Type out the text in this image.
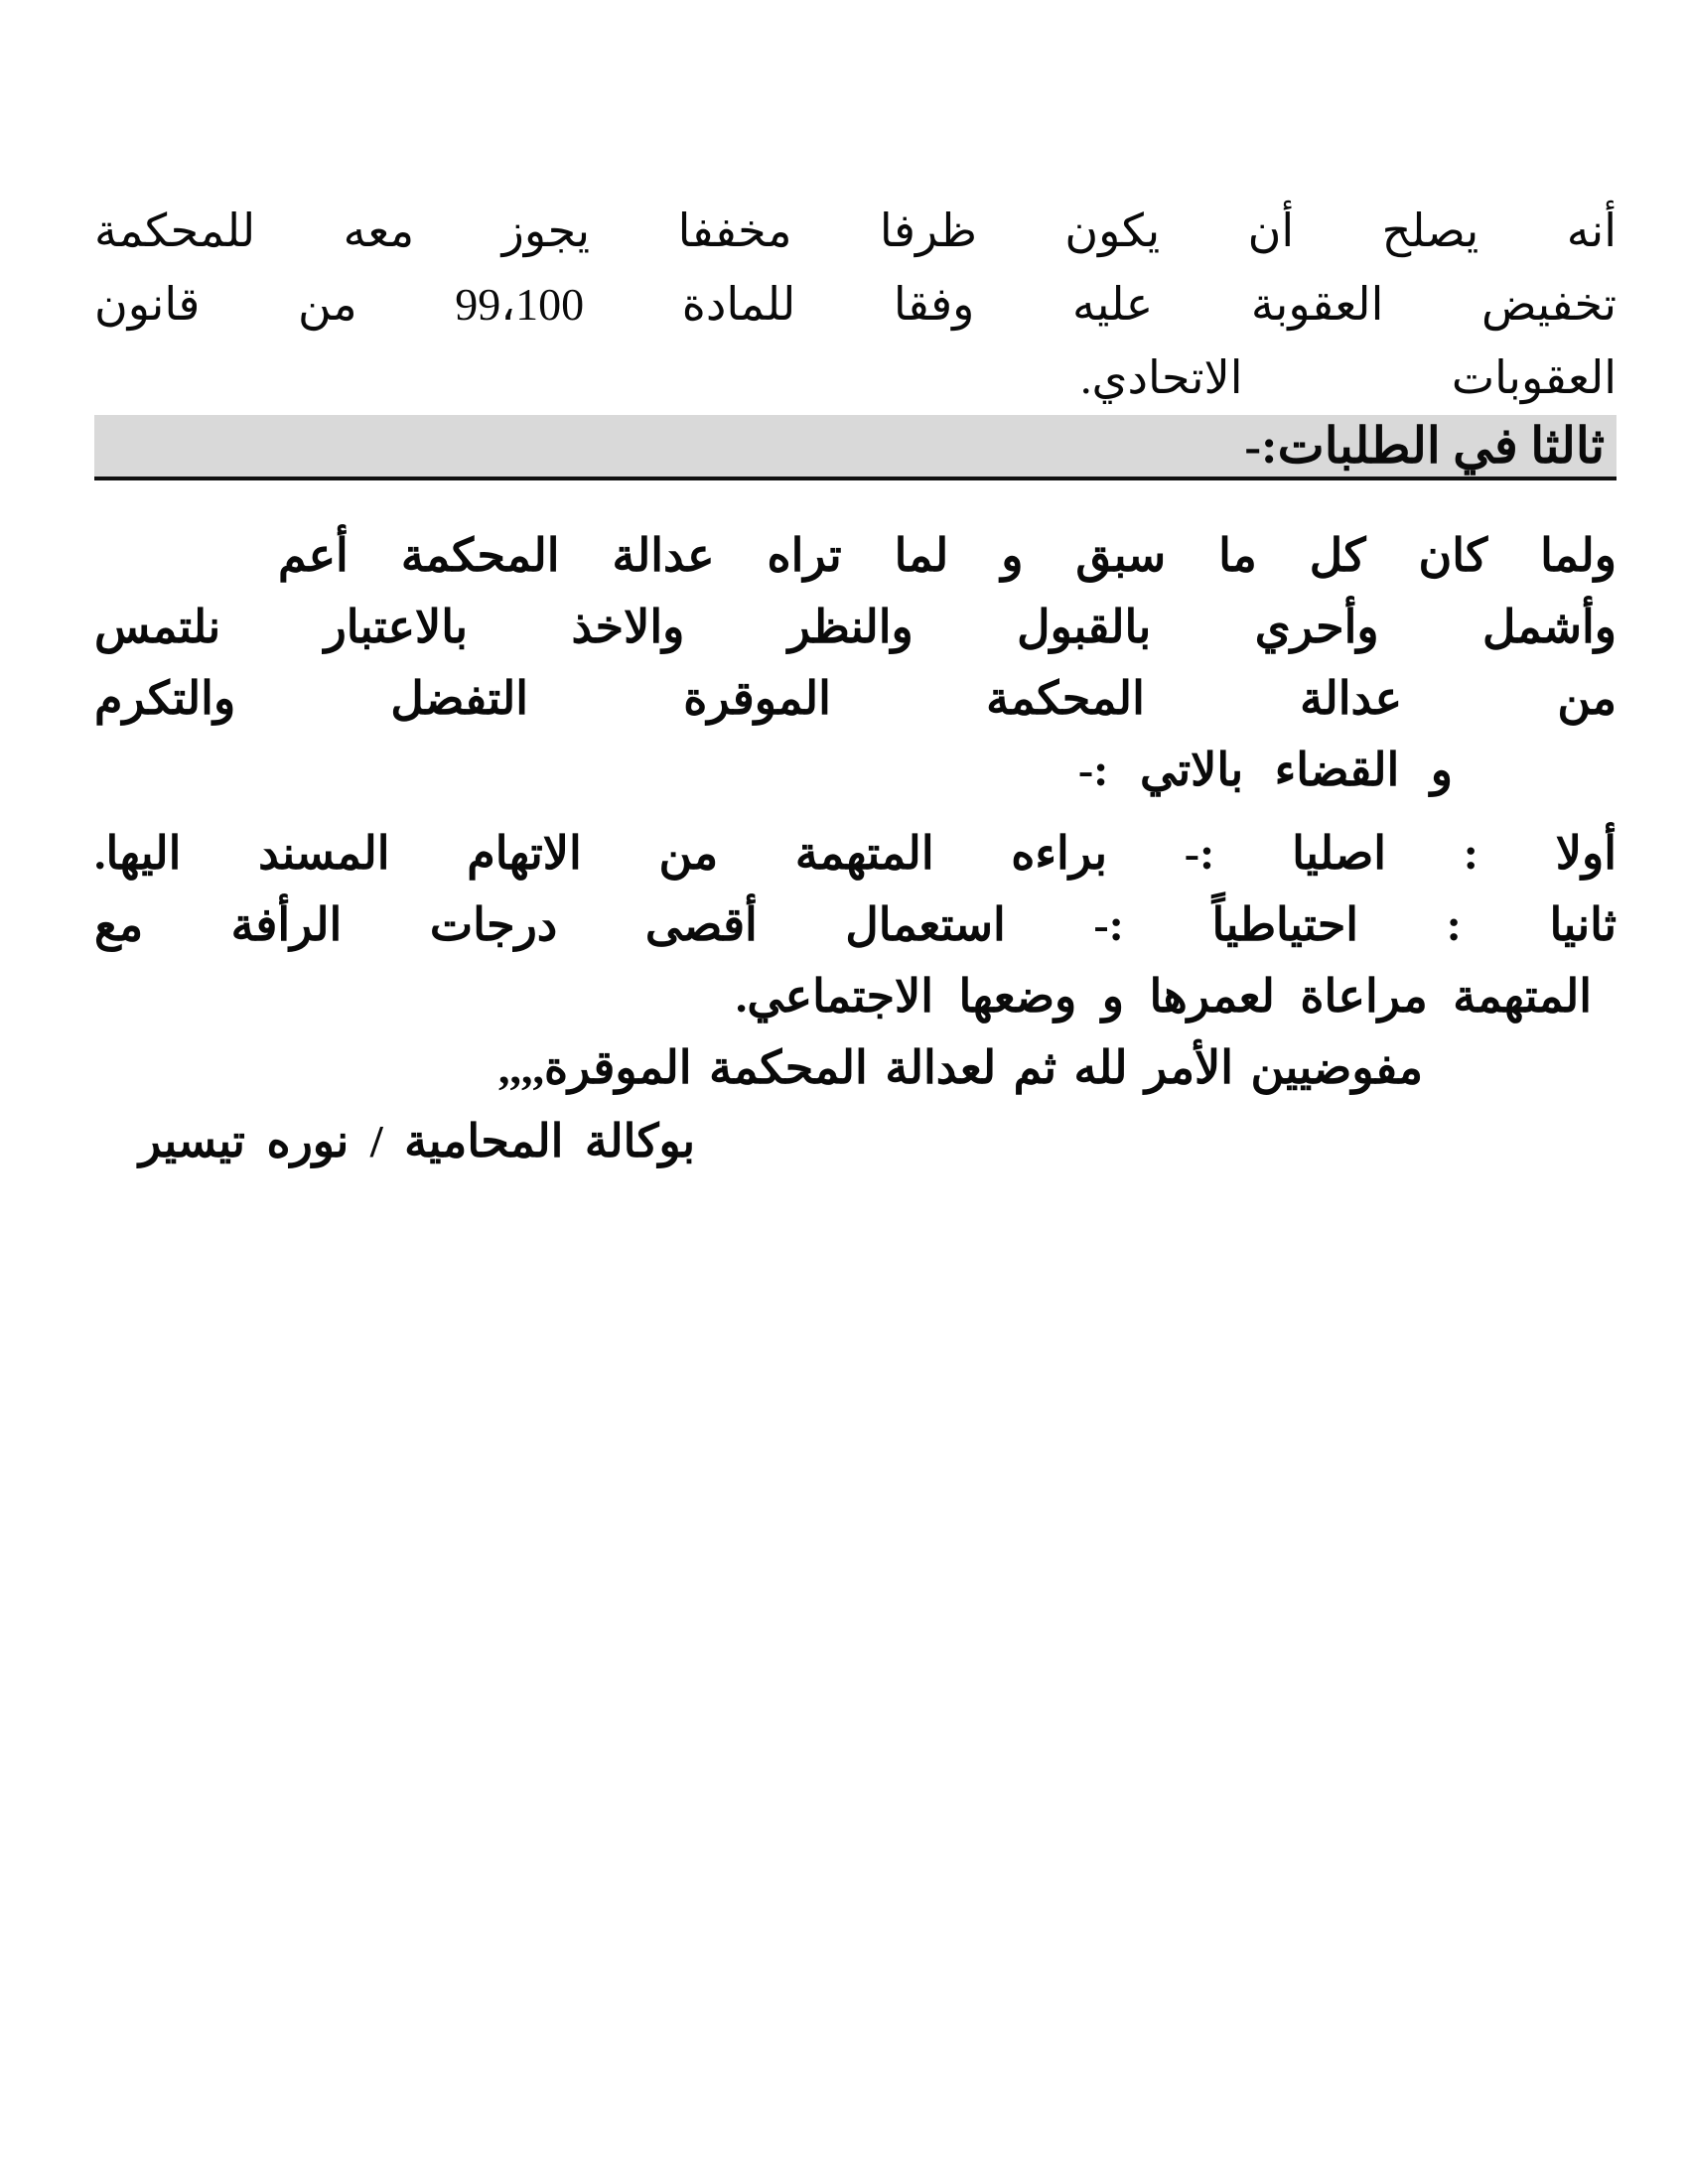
أنه يصلح أن يكون ظرفا مخففا يجوز معه للمحكمة
تخفيض العقوبة عليه وفقا للمادة 99،100 من قانون
العقوبات الاتحادي.
ثالثا في الطلبات:-
ولما كان كل ما سبق و لما تراه عدالة المحكمة أعم
وأشمل وأحري بالقبول والنظر والاخذ بالاعتبار نلتمس
من عدالة المحكمة الموقرة التفضل والتكرم
و القضاء بالاتي :-
أولا : اصليا :- براءه المتهمة من الاتهام المسند اليها.
ثانيا : احتياطياً :- استعمال أقصى درجات الرأفة مع
المتهمة مراعاة لعمرها و وضعها الاجتماعي.
مفوضيين الأمر لله ثم لعدالة المحكمة الموقرة,,,,
بوكالة المحامية / نوره تيسير
